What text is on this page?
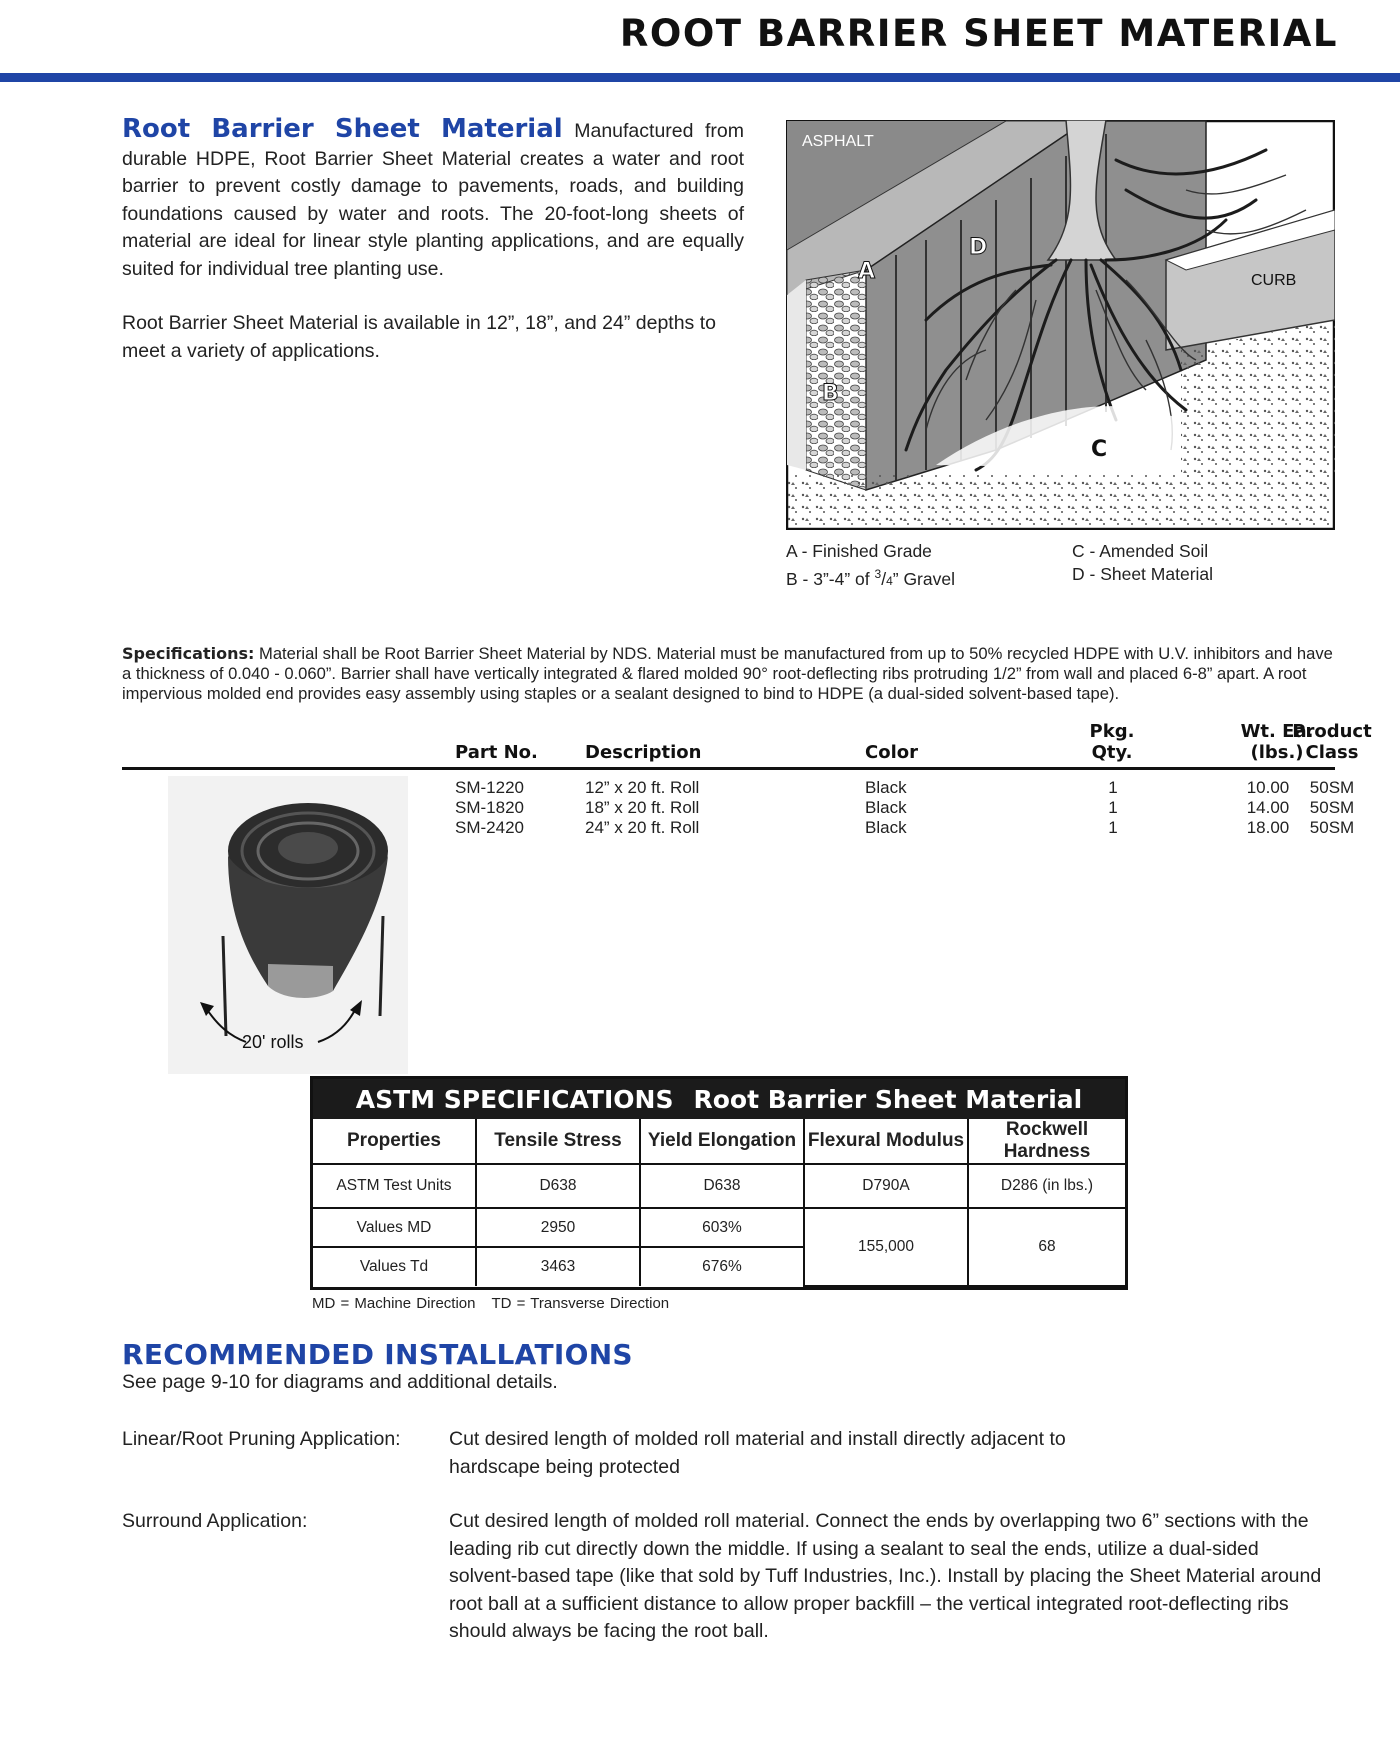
ROOT BARRIER SHEET MATERIAL

Root Barrier Sheet Material Manufactured from durable HDPE, Root Barrier Sheet Material creates a water and root barrier to prevent costly damage to pavements, roads, and building foundations caused by water and roots. The 20-foot-long sheets of material are ideal for linear style planting applications, and are equally suited for individual tree planting use.

Root Barrier Sheet Material is available in 12”, 18”, and 24” depths to meet a variety of applications.

ASPHALT
CURB
A
B
C
D
A - Finished Grade
B - 3”-4” of $^3$/4” Gravel
C - Amended Soil
D - Sheet Material
Specifications: Material shall be Root Barrier Sheet Material by NDS. Material must be manufactured from up to 50% recycled HDPE with U.V. inhibitors and have a thickness of 0.040 - 0.060”. Barrier shall have vertically integrated & flared molded 90° root-deflecting ribs protruding 1/2” from wall and placed 6-8” apart. A root impervious molded end provides easy assembly using staples or a sealant designed to bind to HDPE (a dual-sided solvent-based tape).
Part No.	Description	Color
Pkg.
Qty.
Wt. Ea.
(lbs.)
Product
Class
SM-1220	12” x 20 ft. Roll	Black	1	10.00	50SM
SM-1820	18” x 20 ft. Roll	Black	1	14.00	50SM
SM-2420	24” x 20 ft. Roll	Black	1	18.00	50SM
20' rolls
ASTM SPECIFICATIONS Root Barrier Sheet Material
Properties	Tensile Stress	Yield Elongation	Flexural Modulus	Rockwell Hardness
ASTM Test Units	D638	D638	D790A	D286 (in lbs.)
Values MD	2950	603%	155,000	68
Values Td	3463	676%		
MD = Machine Direction TD = Transverse Direction
RECOMMENDED INSTALLATIONS
See page 9-10 for diagrams and additional details.
Linear/Root Pruning Application: Cut desired length of molded roll material and install directly adjacent to hardscape being protected
Surround Application:	Cut desired length of molded roll material. Connect the ends by overlapping two 6” sections with the leading rib cut directly down the middle. If using a sealant to seal the ends, utilize a dual-sided solvent-based tape (like that sold by Tuff Industries, Inc.). Install by placing the Sheet Material around root ball at a sufficient distance to allow proper backfill – the vertical integrated root-deflecting ribs should always be facing the root ball.
